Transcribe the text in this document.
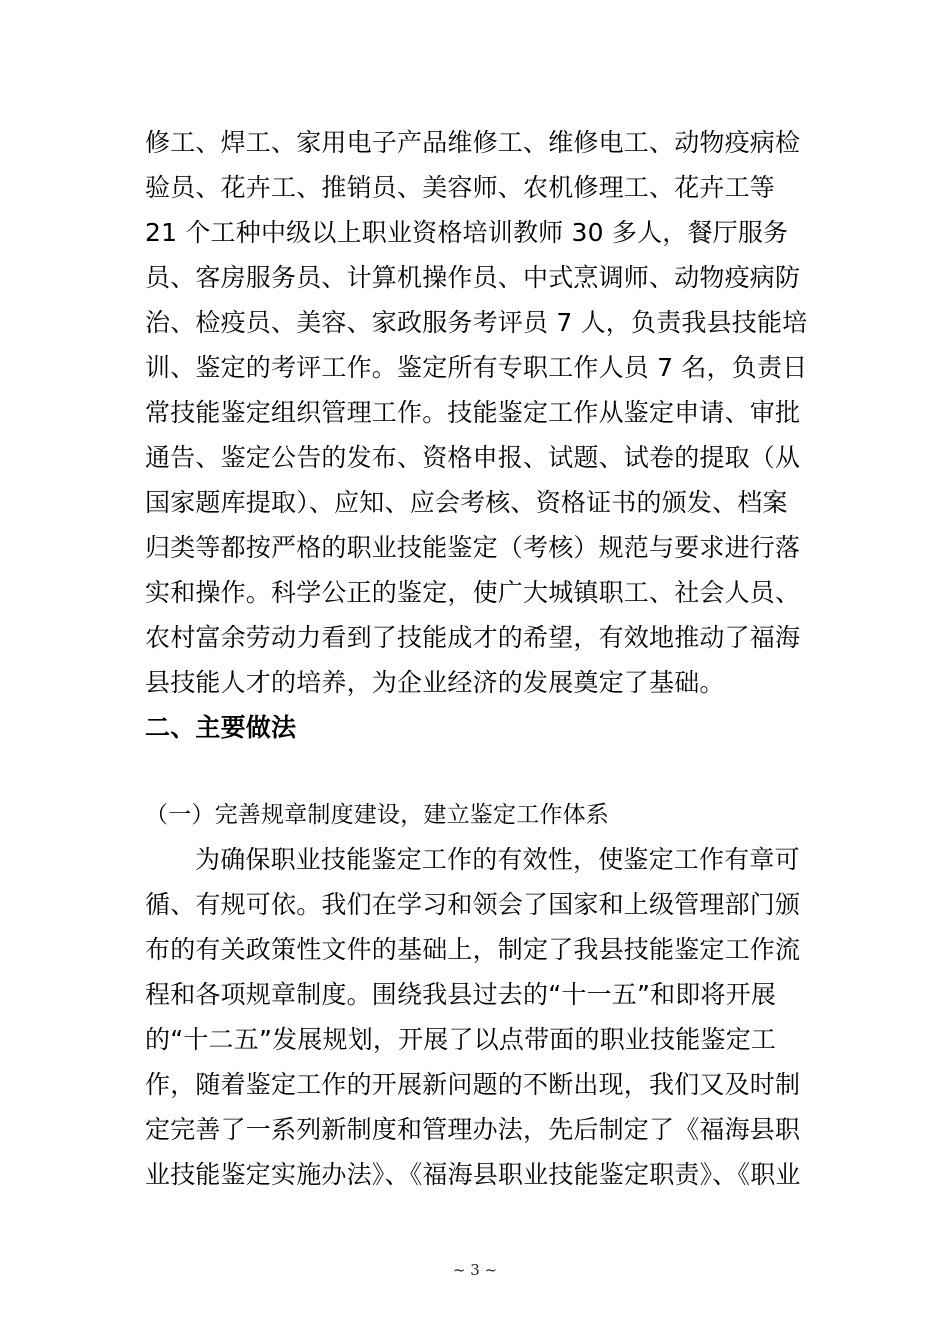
修工、焊工、家用电子产品维修工、维修电工、动物疫病检
验员、花卉工、推销员、美容师、农机修理工、花卉工等
21 个工种中级以上职业资格培训教师 30 多人，餐厅服务
员、客房服务员、计算机操作员、中式烹调师、动物疫病防
治、检疫员、美容、家政服务考评员 7 人，负责我县技能培
训、鉴定的考评工作。鉴定所有专职工作人员 7 名，负责日
常技能鉴定组织管理工作。技能鉴定工作从鉴定申请、审批
通告、鉴定公告的发布、资格申报、试题、试卷的提取（从
国家题库提取）、应知、应会考核、资格证书的颁发、档案
归类等都按严格的职业技能鉴定（考核）规范与要求进行落
实和操作。科学公正的鉴定，使广大城镇职工、社会人员、
农村富余劳动力看到了技能成才的希望，有效地推动了福海
县技能人才的培养，为企业经济的发展奠定了基础。
二、主要做法
（一）完善规章制度建设，建立鉴定工作体系
为确保职业技能鉴定工作的有效性，使鉴定工作有章可
循、有规可依。我们在学习和领会了国家和上级管理部门颁
布的有关政策性文件的基础上，制定了我县技能鉴定工作流
程和各项规章制度。围绕我县过去的“十一五”和即将开展
的“十二五”发展规划，开展了以点带面的职业技能鉴定工
作，随着鉴定工作的开展新问题的不断出现，我们又及时制
定完善了一系列新制度和管理办法，先后制定了《福海县职
业技能鉴定实施办法》、《福海县职业技能鉴定职责》、《职业
~ 3 ~
